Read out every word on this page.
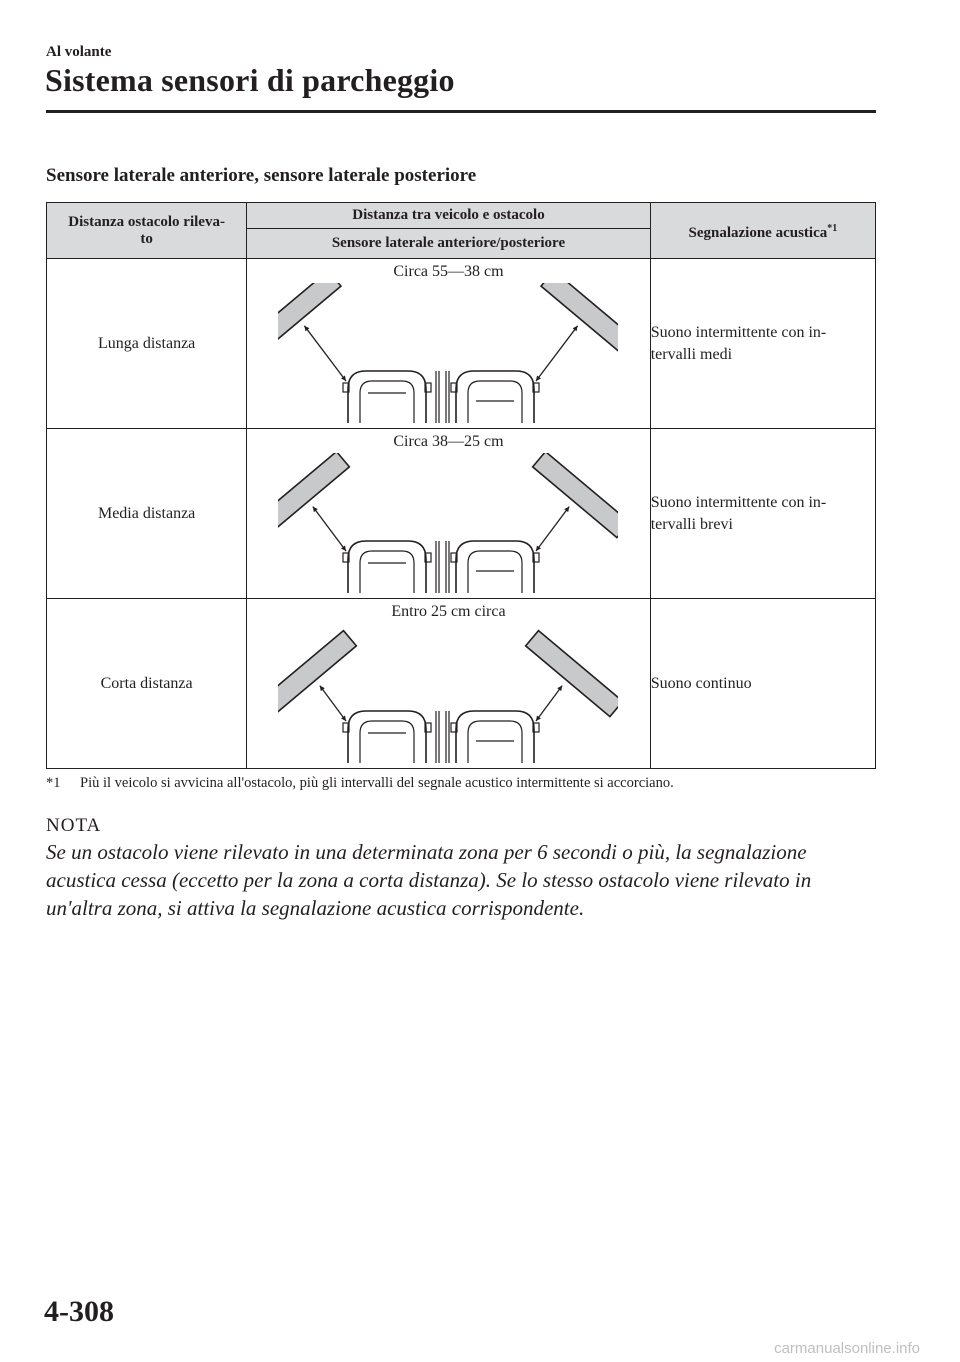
Al volante
Sistema sensori di parcheggio
Sensore laterale anteriore, sensore laterale posteriore
Distanza ostacolo rileva-
to	Distanza tra veicolo e ostacolo	Segnalazione acustica$^{*1}$
	Sensore laterale anteriore/posteriore	
Lunga distanza	Circa 55―38 cm	Suono intermittente con in-
tervalli medi
Media distanza	Circa 38―25 cm	Suono intermittente con in-
tervalli brevi
Corta distanza	Entro 25 cm circa	Suono continuo

*1 Più il veicolo si avvicina all'ostacolo, più gli intervalli del segnale acustico intermittente si accorciano.
NOTA
Se un ostacolo viene rilevato in una determinata zona per 6 secondi o più, la segnalazione acustica cessa (eccetto per la zona a corta distanza). Se lo stesso ostacolo viene rilevato in un'altra zona, si attiva la segnalazione acustica corrispondente.
4-308
carmanualsonline.info
